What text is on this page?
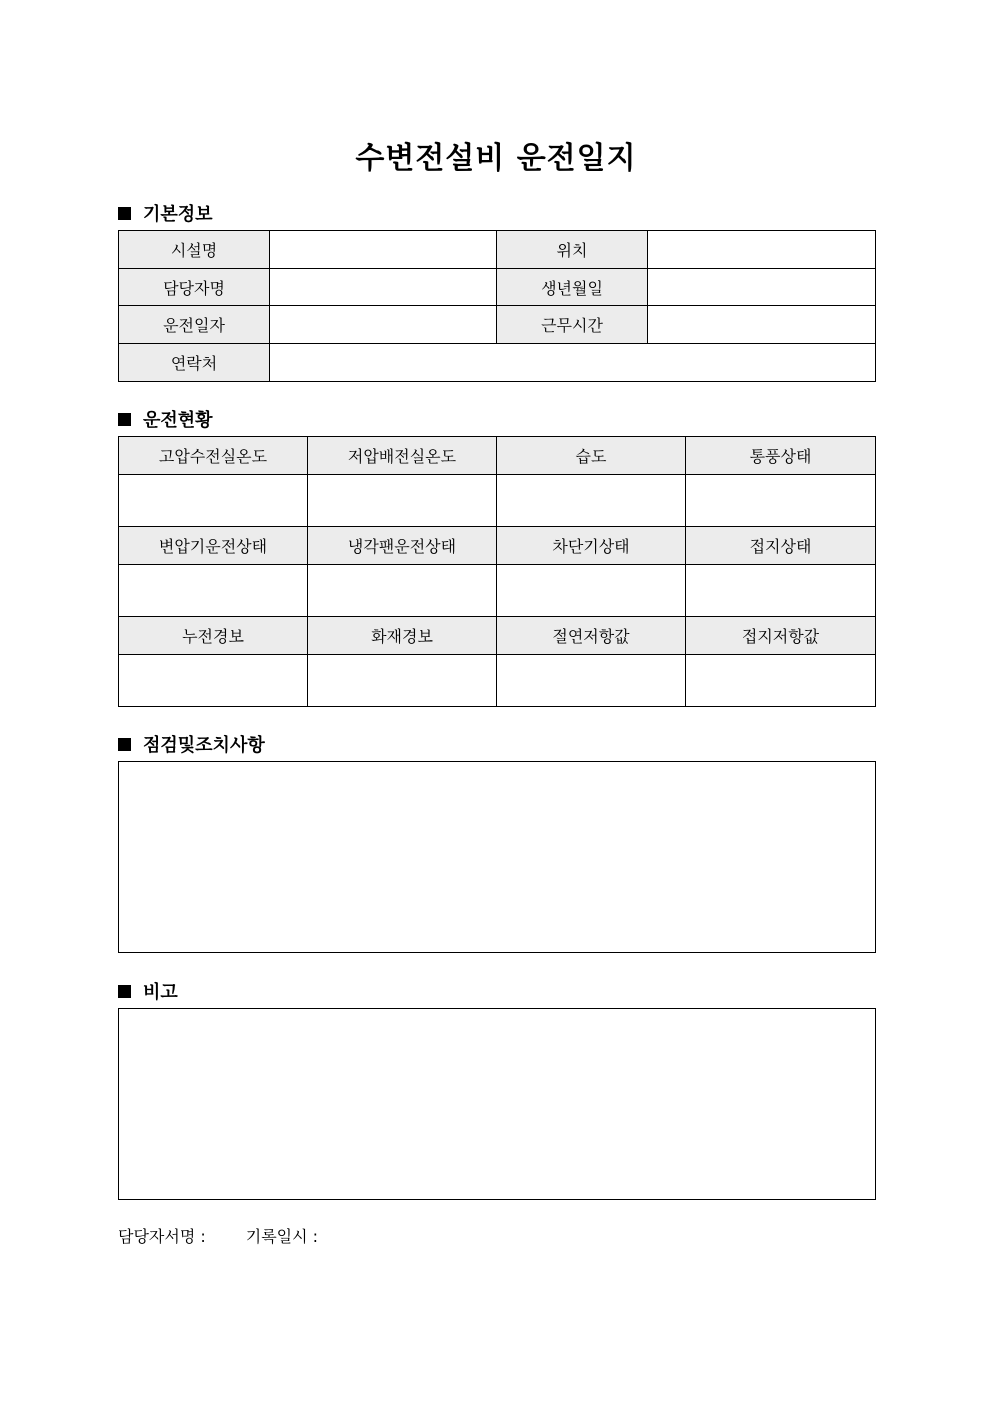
수변전설비 운전일지
기본정보
시설명		위치	
담당자명		생년월일	
운전일자		근무시간	
연락처			
운전현황
고압수전실온도	저압배전실온도	습도	통풍상태

변압기운전상태	냉각팬운전상태	차단기상태	접지상태

누전경보	화재경보	절연저항값	접지저항값

점검및조치사항
비고
담당자서명 :	기록일시 :
